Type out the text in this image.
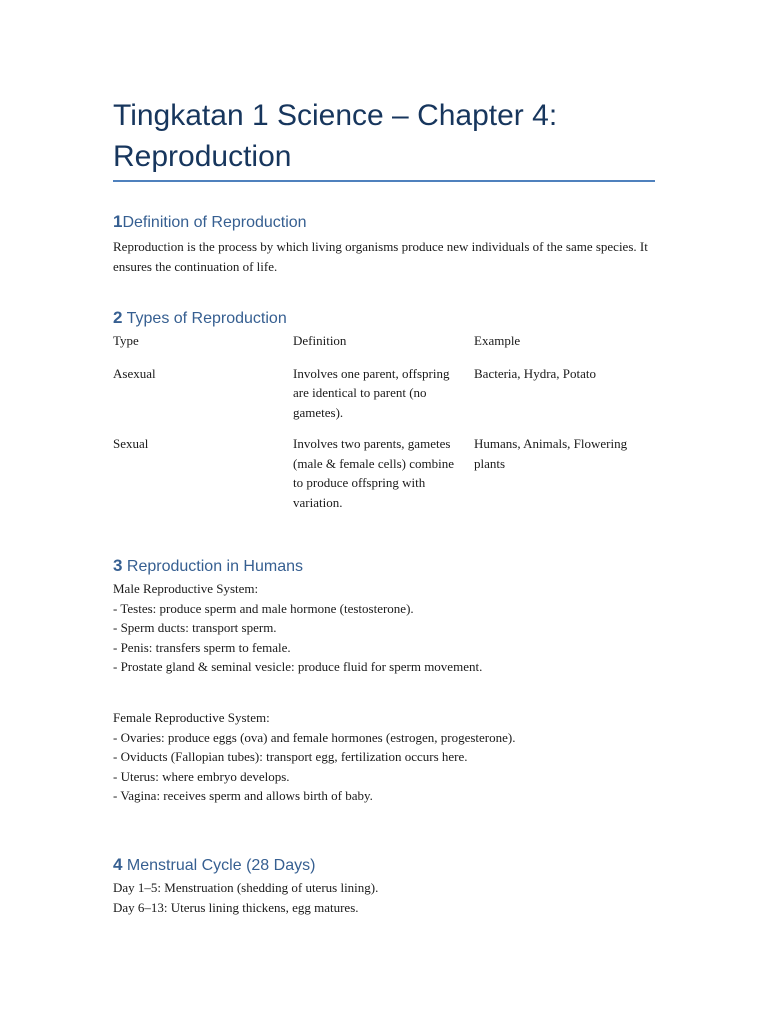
Tingkatan 1 Science – Chapter 4: Reproduction
1Definition of Reproduction

Reproduction is the process by which living organisms produce new individuals of the same species. It ensures the continuation of life.

2 Types of Reproduction
Type	Definition	Example

Asexual	Involves one parent, offspring are identical to parent (no gametes).	Bacteria, Hydra, Potato

Sexual	Involves two parents, gametes (male & female cells) combine to produce offspring with variation.	Humans, Animals, Flowering plants
3 Reproduction in Humans
Male Reproductive System:
- Testes: produce sperm and male hormone (testosterone).
- Sperm ducts: transport sperm.
- Penis: transfers sperm to female.
- Prostate gland & seminal vesicle: produce fluid for sperm movement.
Female Reproductive System:
- Ovaries: produce eggs (ova) and female hormones (estrogen, progesterone).
- Oviducts (Fallopian tubes): transport egg, fertilization occurs here.
- Uterus: where embryo develops.
- Vagina: receives sperm and allows birth of baby.
4 Menstrual Cycle (28 Days)
Day 1–5: Menstruation (shedding of uterus lining).
Day 6–13: Uterus lining thickens, egg matures.
